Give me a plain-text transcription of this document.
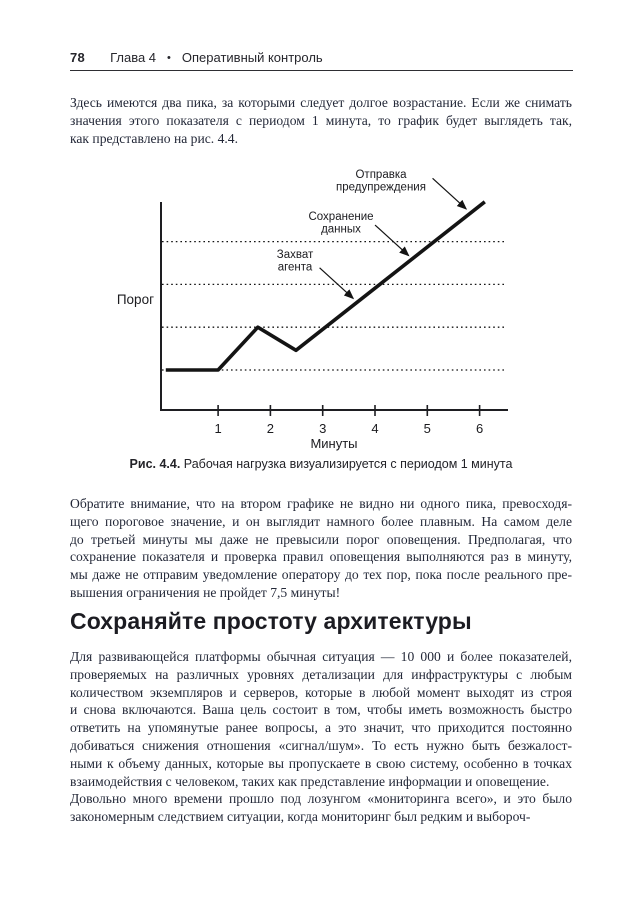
78 Глава 4 • Оперативный контроль
Здесь имеются два пика, за которыми следует долгое возрастание. Если же снимать
значения этого показателя с периодом 1 минута, то график будет выглядеть так,
как представлено на рис. 4.4.
1	2	3	4	5	6
Минуты
Порог
Захват
агента
Сохранение
данных
Отправка
предупреждения
Рис. 4.4. Рабочая нагрузка визуализируется с периодом 1 минута
Обратите внимание, что на втором графике не видно ни одного пика, превосходя-
щего пороговое значение, и он выглядит намного более плавным. На самом деле
до третьей минуты мы даже не превысили порог оповещения. Предполагая, что
сохранение показателя и проверка правил оповещения выполняются раз в минуту,
мы даже не отправим уведомление оператору до тех пор, пока после реального пре-
вышения ограничения не пройдет 7,5 минуты!
Сохраняйте простоту архитектуры
Для развивающейся платформы обычная ситуация — 10 000 и более показателей,
проверяемых на различных уровнях детализации для инфраструктуры с любым
количеством экземпляров и серверов, которые в любой момент выходят из строя
и снова включаются. Ваша цель состоит в том, чтобы иметь возможность быстро
ответить на упомянутые ранее вопросы, а это значит, что приходится постоянно
добиваться снижения отношения «сигнал/шум». То есть нужно быть безжалост-
ными к объему данных, которые вы пропускаете в свою систему, особенно в точках
взаимодействия с человеком, таких как представление информации и оповещение.
Довольно много времени прошло под лозунгом «мониторинга всего», и это было
закономерным следствием ситуации, когда мониторинг был редким и выбороч-
